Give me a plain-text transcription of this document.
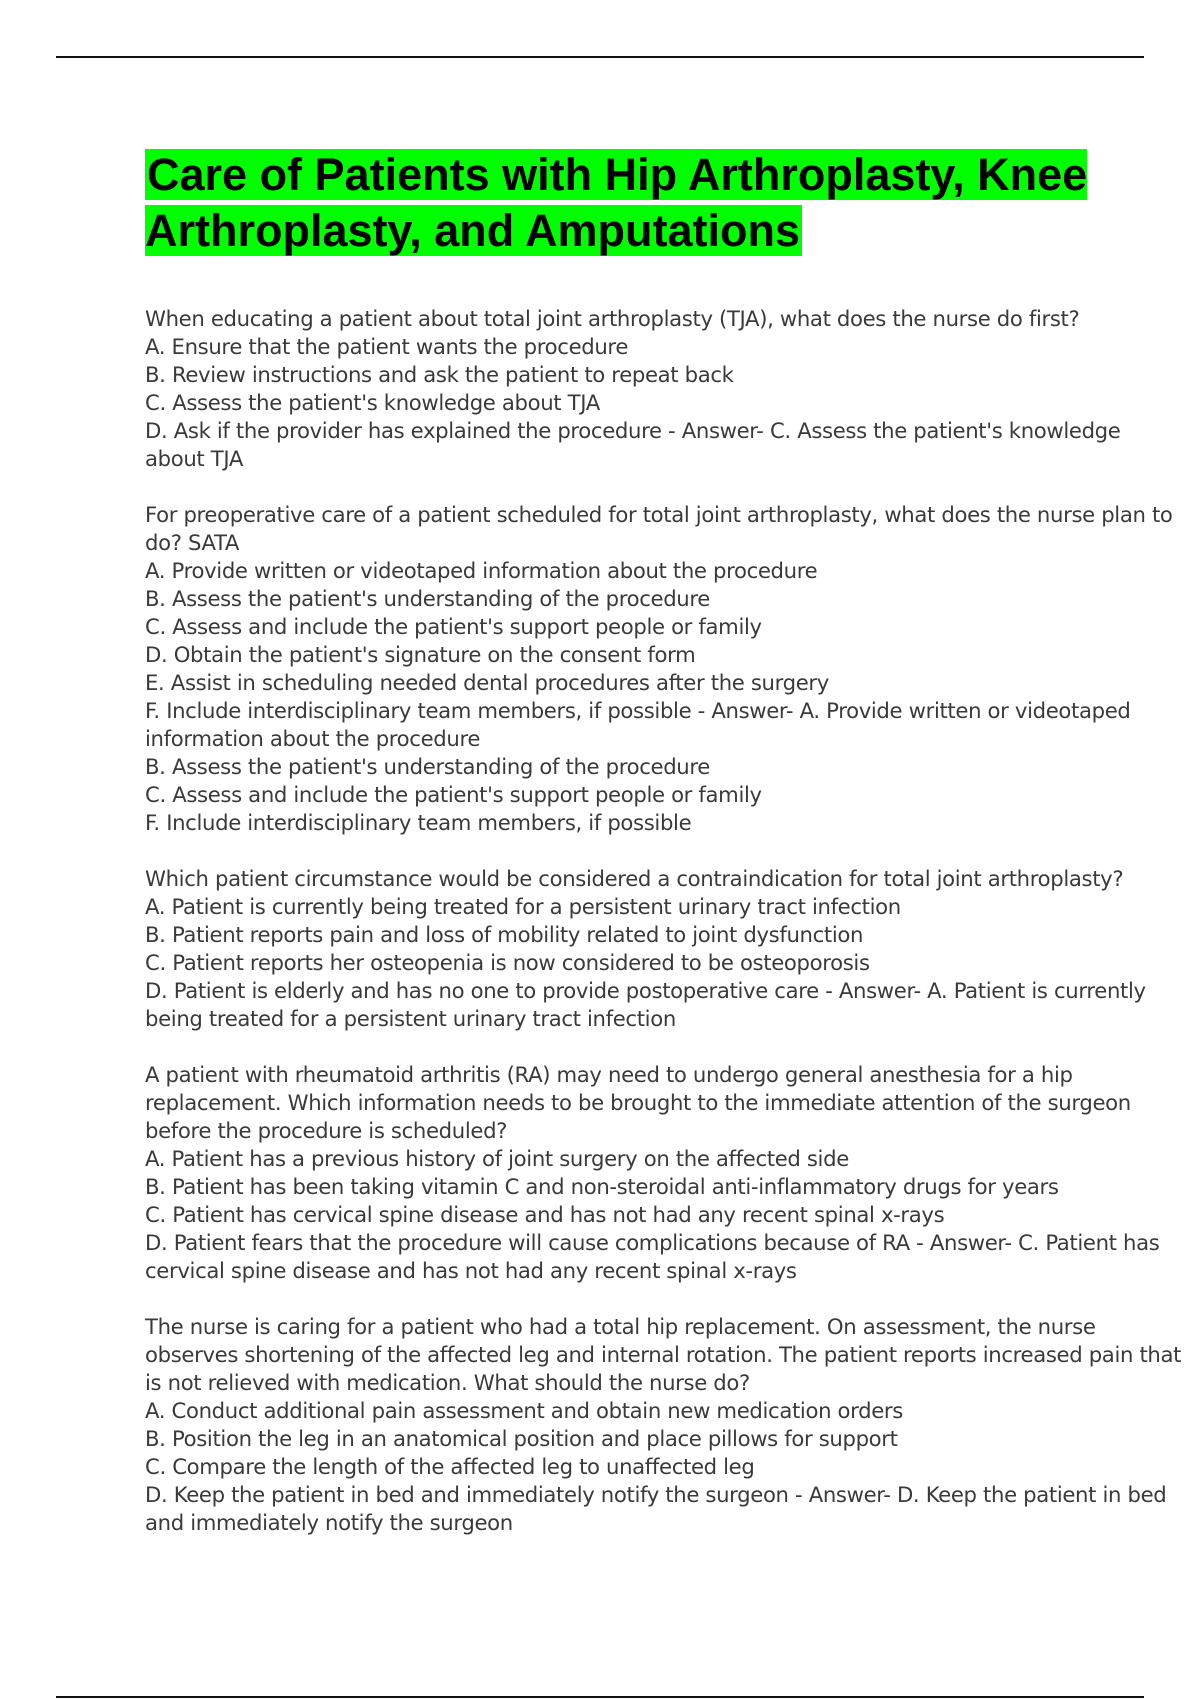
Care of Patients with Hip Arthroplasty, Knee Arthroplasty, and Amputations
When educating a patient about total joint arthroplasty (TJA), what does the nurse do first?
A. Ensure that the patient wants the procedure
B. Review instructions and ask the patient to repeat back
C. Assess the patient's knowledge about TJA
D. Ask if the provider has explained the procedure - Answer- C. Assess the patient's knowledge about TJA
For preoperative care of a patient scheduled for total joint arthroplasty, what does the nurse plan to do? SATA
A. Provide written or videotaped information about the procedure
B. Assess the patient's understanding of the procedure
C. Assess and include the patient's support people or family
D. Obtain the patient's signature on the consent form
E. Assist in scheduling needed dental procedures after the surgery
F. Include interdisciplinary team members, if possible - Answer- A. Provide written or videotaped information about the procedure
B. Assess the patient's understanding of the procedure
C. Assess and include the patient's support people or family
F. Include interdisciplinary team members, if possible
Which patient circumstance would be considered a contraindication for total joint arthroplasty?
A. Patient is currently being treated for a persistent urinary tract infection
B. Patient reports pain and loss of mobility related to joint dysfunction
C. Patient reports her osteopenia is now considered to be osteoporosis
D. Patient is elderly and has no one to provide postoperative care - Answer- A. Patient is currently being treated for a persistent urinary tract infection
A patient with rheumatoid arthritis (RA) may need to undergo general anesthesia for a hip replacement. Which information needs to be brought to the immediate attention of the surgeon before the procedure is scheduled?
A. Patient has a previous history of joint surgery on the affected side
B. Patient has been taking vitamin C and non-steroidal anti-inflammatory drugs for years
C. Patient has cervical spine disease and has not had any recent spinal x-rays
D. Patient fears that the procedure will cause complications because of RA - Answer- C. Patient has cervical spine disease and has not had any recent spinal x-rays
The nurse is caring for a patient who had a total hip replacement. On assessment, the nurse observes shortening of the affected leg and internal rotation. The patient reports increased pain that is not relieved with medication. What should the nurse do?
A. Conduct additional pain assessment and obtain new medication orders
B. Position the leg in an anatomical position and place pillows for support
C. Compare the length of the affected leg to unaffected leg
D. Keep the patient in bed and immediately notify the surgeon - Answer- D. Keep the patient in bed and immediately notify the surgeon
